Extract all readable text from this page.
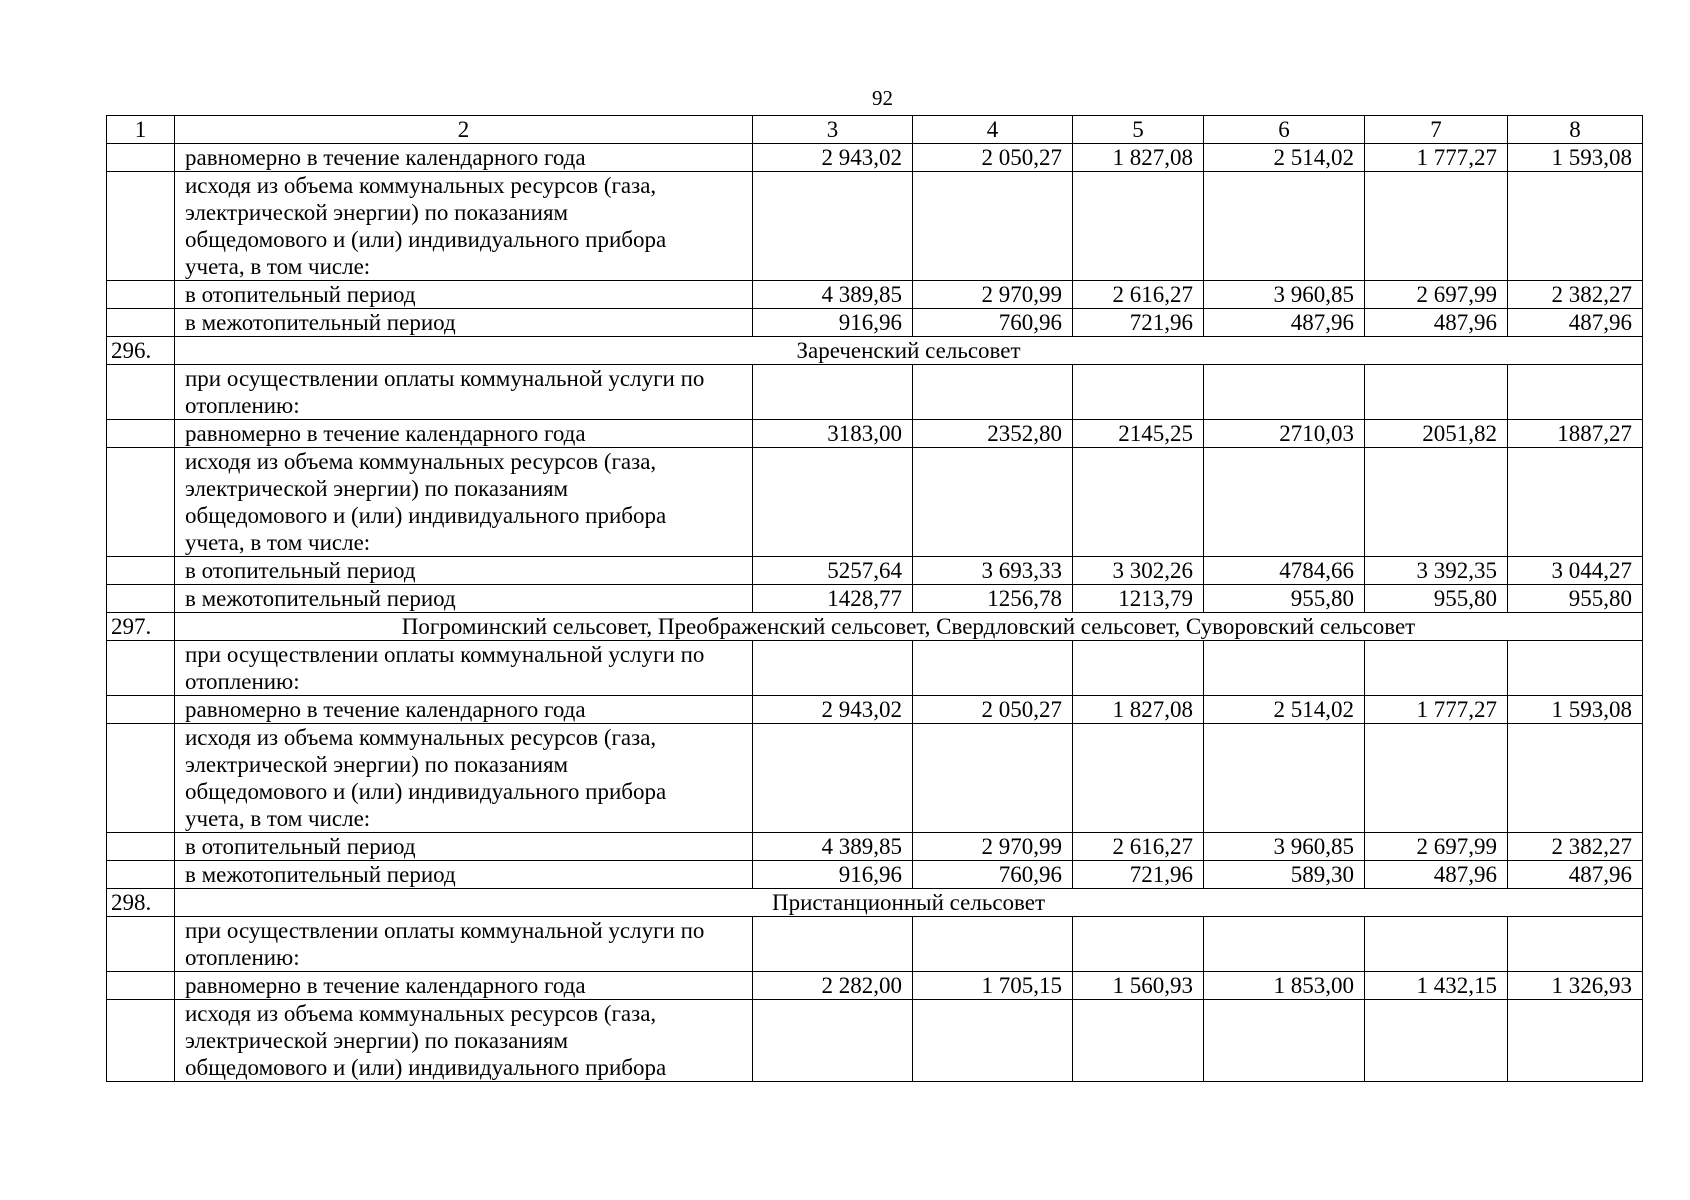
92
1	2	3	4	5	6	7	8

	равномерно в течение календарного года	2 943,02	2 050,27	1 827,08	2 514,02	1 777,27	1 593,08

	исходя из объема коммунальных ресурсов (газа,
электрической энергии) по показаниям
общедомового и (или) индивидуального прибора
учета, в том числе:						

	в отопительный период	4 389,85	2 970,99	2 616,27	3 960,85	2 697,99	2 382,27

	в межотопительный период	916,96	760,96	721,96	487,96	487,96	487,96
296.	Зареченский сельсовет						

	при осуществлении оплаты коммунальной услуги по
отоплению:						

	равномерно в течение календарного года	3183,00	2352,80	2145,25	2710,03	2051,82	1887,27

	исходя из объема коммунальных ресурсов (газа,
электрической энергии) по показаниям
общедомового и (или) индивидуального прибора
учета, в том числе:						

	в отопительный период	5257,64	3 693,33	3 302,26	4784,66	3 392,35	3 044,27

	в межотопительный период	1428,77	1256,78	1213,79	955,80	955,80	955,80
297.	Погроминский сельсовет, Преображенский сельсовет, Свердловский сельсовет, Суворовский сельсовет						

	при осуществлении оплаты коммунальной услуги по
отоплению:						

	равномерно в течение календарного года	2 943,02	2 050,27	1 827,08	2 514,02	1 777,27	1 593,08

	исходя из объема коммунальных ресурсов (газа,
электрической энергии) по показаниям
общедомового и (или) индивидуального прибора
учета, в том числе:						

	в отопительный период	4 389,85	2 970,99	2 616,27	3 960,85	2 697,99	2 382,27

	в межотопительный период	916,96	760,96	721,96	589,30	487,96	487,96
298.	Пристанционный сельсовет						

	при осуществлении оплаты коммунальной услуги по
отоплению:						

	равномерно в течение календарного года	2 282,00	1 705,15	1 560,93	1 853,00	1 432,15	1 326,93

	исходя из объема коммунальных ресурсов (газа,
электрической энергии) по показаниям
общедомового и (или) индивидуального прибора						
